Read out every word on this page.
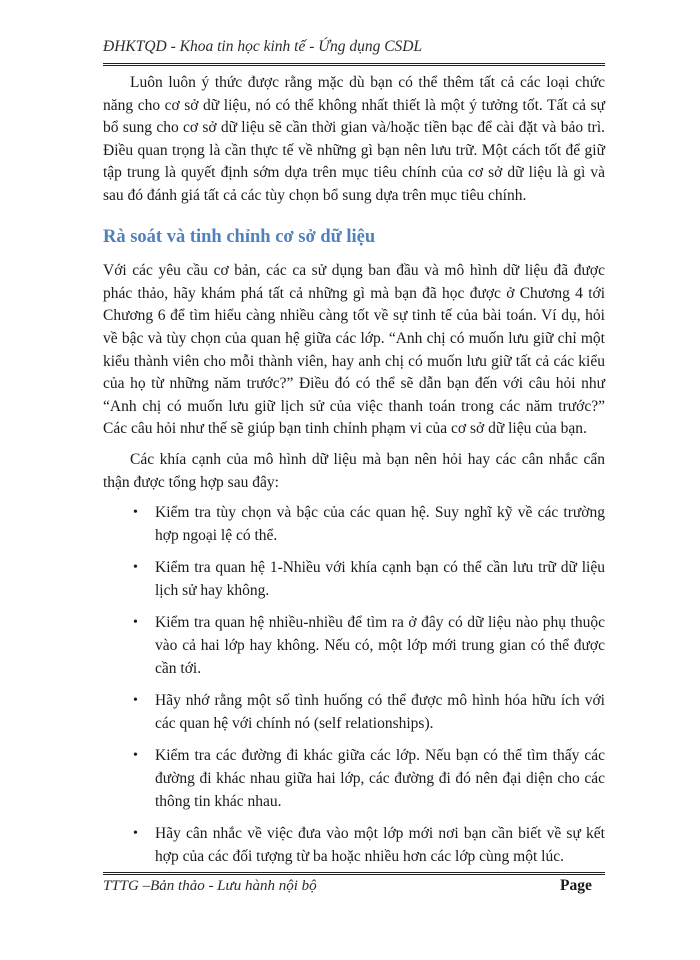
ĐHKTQD - Khoa tin học kinh tế - Ứng dụng CSDL

Luôn luôn ý thức được rằng mặc dù bạn có thể thêm tất cả các loại chức năng cho cơ sở dữ liệu, nó có thể không nhất thiết là một ý tưởng tốt. Tất cả sự bổ sung cho cơ sở dữ liệu sẽ cần thời gian và/hoặc tiền bạc để cài đặt và bảo trì. Điều quan trọng là cần thực tế về những gì bạn nên lưu trữ. Một cách tốt để giữ tập trung là quyết định sớm dựa trên mục tiêu chính của cơ sở dữ liệu là gì và sau đó đánh giá tất cả các tùy chọn bổ sung dựa trên mục tiêu chính.

Rà soát và tinh chỉnh cơ sở dữ liệu

Với các yêu cầu cơ bản, các ca sử dụng ban đầu và mô hình dữ liệu đã được phác thảo, hãy khám phá tất cả những gì mà bạn đã học được ở Chương 4 tới Chương 6 để tìm hiểu càng nhiều càng tốt về sự tinh tế của bài toán. Ví dụ, hỏi về bậc và tùy chọn của quan hệ giữa các lớp. “Anh chị có muốn lưu giữ chỉ một kiểu thành viên cho mỗi thành viên, hay anh chị có muốn lưu giữ tất cả các kiểu của họ từ những năm trước?” Điều đó có thể sẽ dẫn bạn đến với câu hỏi như “Anh chị có muốn lưu giữ lịch sử của việc thanh toán trong các năm trước?” Các câu hỏi như thế sẽ giúp bạn tinh chỉnh phạm vi của cơ sở dữ liệu của bạn.

Các khía cạnh của mô hình dữ liệu mà bạn nên hỏi hay các cân nhắc cẩn thận được tổng hợp sau đây:

• Kiểm tra tùy chọn và bậc của các quan hệ. Suy nghĩ kỹ về các trường hợp ngoại lệ có thể.
• Kiểm tra quan hệ 1-Nhiều với khía cạnh bạn có thể cần lưu trữ dữ liệu lịch sử hay không.
• Kiểm tra quan hệ nhiều-nhiều để tìm ra ở đây có dữ liệu nào phụ thuộc vào cả hai lớp hay không. Nếu có, một lớp mới trung gian có thể được cần tới.
• Hãy nhớ rằng một số tình huống có thể được mô hình hóa hữu ích với các quan hệ với chính nó (self relationships).
• Kiểm tra các đường đi khác giữa các lớp. Nếu bạn có thể tìm thấy các đường đi khác nhau giữa hai lớp, các đường đi đó nên đại diện cho các thông tin khác nhau.
• Hãy cân nhắc về việc đưa vào một lớp mới nơi bạn cần biết về sự kết hợp của các đối tượng từ ba hoặc nhiều hơn các lớp cùng một lúc.
TTTG –Bản thảo - Lưu hành nội bộ	Page
